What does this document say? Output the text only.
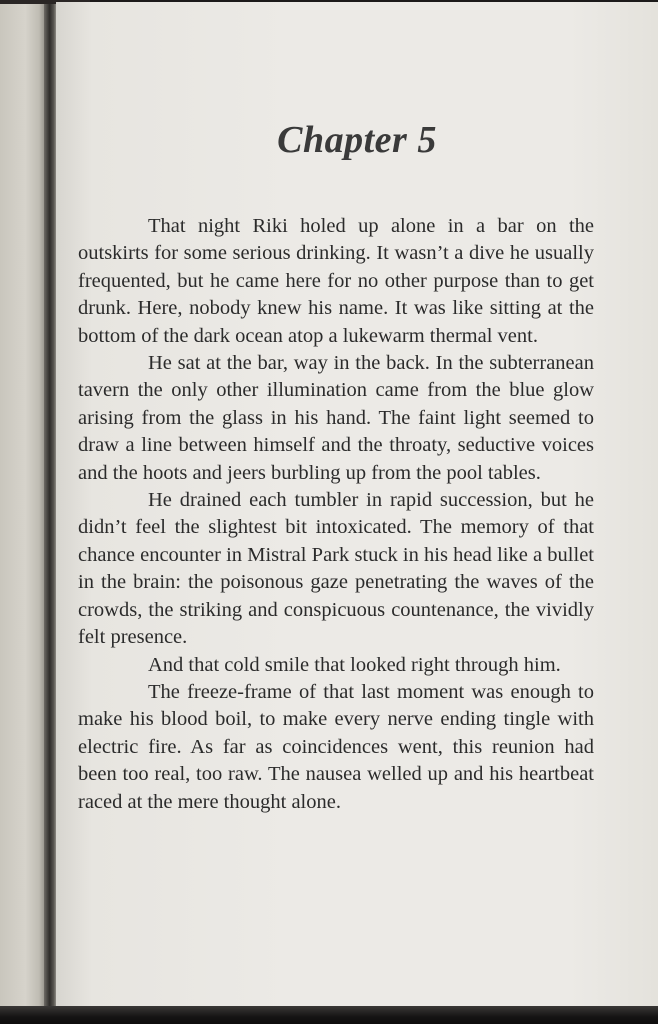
Chapter 5

That night Riki holed up alone in a bar on the outskirts for some serious drinking. It wasn’t a dive he usually frequented, but he came here for no other purpose than to get drunk. Here, nobody knew his name. It was like sitting at the bottom of the dark ocean atop a lukewarm thermal vent.

He sat at the bar, way in the back. In the subterranean tavern the only other illumination came from the blue glow arising from the glass in his hand. The faint light seemed to draw a line between himself and the throaty, seductive voices and the hoots and jeers burbling up from the pool tables.

He drained each tumbler in rapid succession, but he didn’t feel the slightest bit intoxicated. The memory of that chance encounter in Mistral Park stuck in his head like a bullet in the brain: the poisonous gaze penetrating the waves of the crowds, the striking and conspicuous countenance, the vividly felt presence.

And that cold smile that looked right through him.

The freeze-frame of that last moment was enough to make his blood boil, to make every nerve ending tingle with electric fire. As far as coincidences went, this reunion had been too real, too raw. The nausea welled up and his heartbeat raced at the mere thought alone.
